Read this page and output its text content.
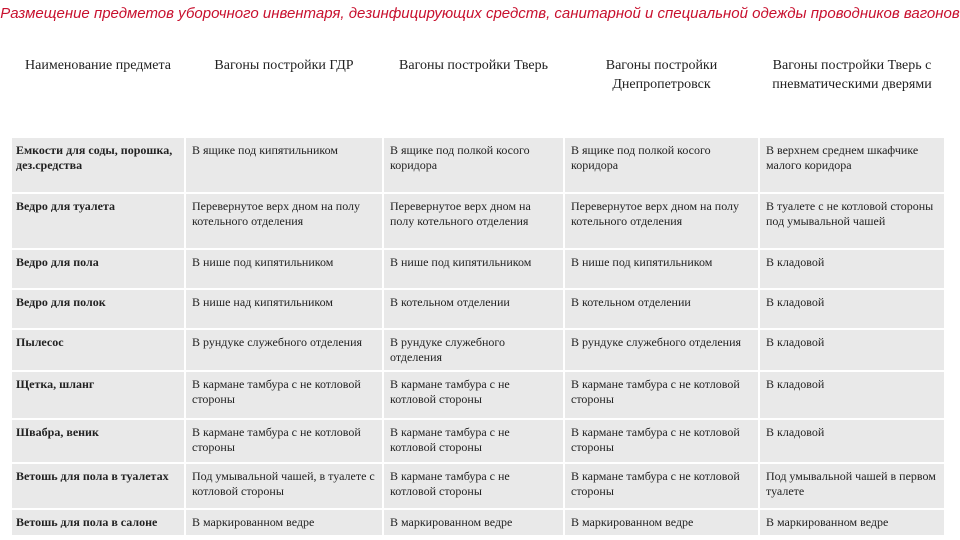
Размещение предметов уборочного инвентаря, дезинфицирующих средств, санитарной и специальной одежды проводников вагонов
Наименование предмета	Вагоны постройки ГДР	Вагоны постройки Тверь	Вагоны постройки Днепропетровск	Вагоны постройки Тверь с пневматическими дверями
Емкости для соды, порошка, дез.средства	В ящике под кипятильником	В ящике под полкой косого коридора	В ящике под полкой косого коридора	В верхнем среднем шкафчике малого коридора
Ведро для туалета	Перевернутое верх дном на полу котельного отделения	Перевернутое верх дном на полу котельного отделения	Перевернутое верх дном на полу котельного отделения	В туалете с не котловой стороны под умывальной чашей
Ведро для пола	В нише под кипятильником	В нише под кипятильником	В нише под кипятильником	В кладовой
Ведро для полок	В нише над кипятильником	В котельном отделении	В котельном отделении	В кладовой
Пылесос	В рундуке служебного отделения	В рундуке служебного отделения	В рундуке служебного отделения	В кладовой
Щетка, шланг	В кармане тамбура с не котловой стороны	В кармане тамбура с не котловой стороны	В кармане тамбура с не котловой стороны	В кладовой
Швабра, веник	В кармане тамбура с не котловой стороны	В кармане тамбура с не котловой стороны	В кармане тамбура с не котловой стороны	В кладовой
Ветошь для пола в туалетах	Под умывальной чашей, в туалете с котловой стороны	В кармане тамбура с не котловой стороны	В кармане тамбура с не котловой стороны	Под умывальной чашей в первом туалете
Ветошь для пола в салоне	В маркированном ведре	В маркированном ведре	В маркированном ведре	В маркированном ведре
